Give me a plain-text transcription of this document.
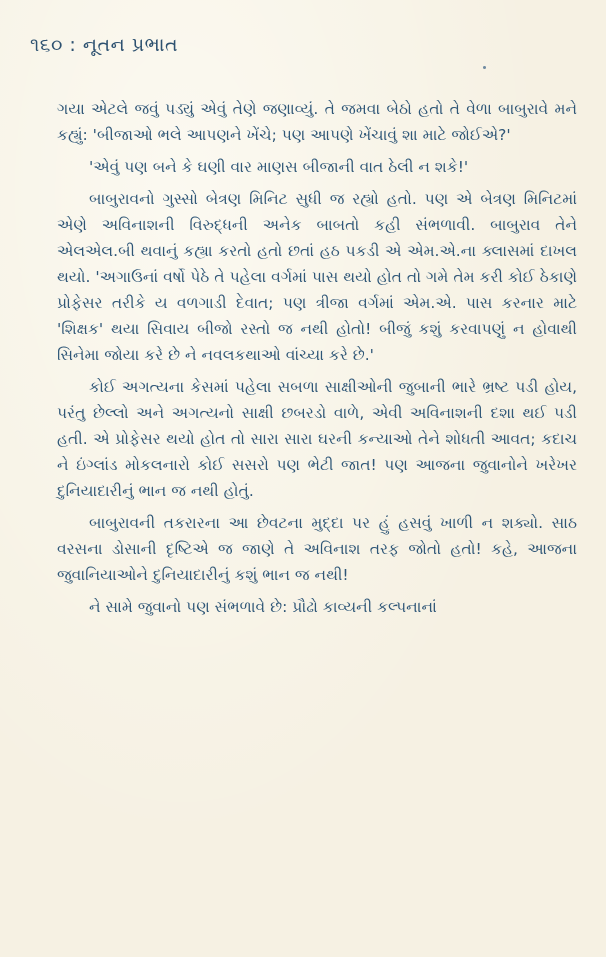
૧૬૦ : નૂતન પ્રભાત

ગયા એટલે જવું પડ્યું એવું તેણે જણાવ્યું. તે જમવા બેઠો હતો તે વેળા બાબુરાવે મને કહ્યું: 'બીજાઓ ભલે આપણને ખેંચે; પણ આપણે ખેંચાવું શા માટે જોઈએ?'

'એવું પણ બને કે ઘણી વાર માણસ બીજાની વાત ઠેલી ન શકે!'

બાબુરાવનો ગુસ્સો બેત્રણ મિનિટ સુધી જ રહ્યો હતો. પણ એ બેત્રણ મિનિટમાં એણે અવિનાશની વિરુદ્ધની અનેક બાબતો કહી સંભળાવી. બાબુરાવ તેને એલએલ.બી થવાનું કહ્યા કરતો હતો છતાં હઠ પકડી એ એમ.એ.ના ક્લાસમાં દાખલ થયો. 'અગાઉનાં વર્ષો પેઠે તે પહેલા વર્ગમાં પાસ થયો હોત તો ગમે તેમ કરી કોઈ ઠેકાણે પ્રોફેસર તરીકે ય વળગાડી દેવાત; પણ ત્રીજા વર્ગમાં એમ.એ. પાસ કરનાર માટે 'શિક્ષક' થયા સિવાય બીજો રસ્તો જ નથી હોતો! બીજું કશું કરવાપણું ન હોવાથી સિનેમા જોયા કરે છે ને નવલકથાઓ વાંચ્યા કરે છે.'

કોઈ અગત્યના કેસમાં પહેલા સબળા સાક્ષીઓની જુબાની ભારે ભ્રષ્ટ પડી હોય, પરંતુ છેલ્લો અને અગત્યનો સાક્ષી છબરડો વાળે, એવી અવિનાશની દશા થઈ પડી હતી. એ પ્રોફેસર થયો હોત તો સારા સારા ઘરની કન્યાઓ તેને શોધતી આવત; કદાચ ને ઇંગ્લાંડ મોકલનારો કોઈ સસરો પણ ભેટી જાત! પણ આજના જુવાનોને ખરેખર દુનિયાદારીનું ભાન જ નથી હોતું.

બાબુરાવની તકરારના આ છેવટના મુદ્દા પર હું હસવું ખાળી ન શક્યો. સાઠ વરસના ડોસાની દૃષ્ટિએ જ જાણે તે અવિનાશ તરફ જોતો હતો! કહે, આજના જુવાનિયાઓને દુનિયાદારીનું કશું ભાન જ નથી!

ને સામે જુવાનો પણ સંભળાવે છે: પ્રૌઢો કાવ્યની કલ્પનાનાં
